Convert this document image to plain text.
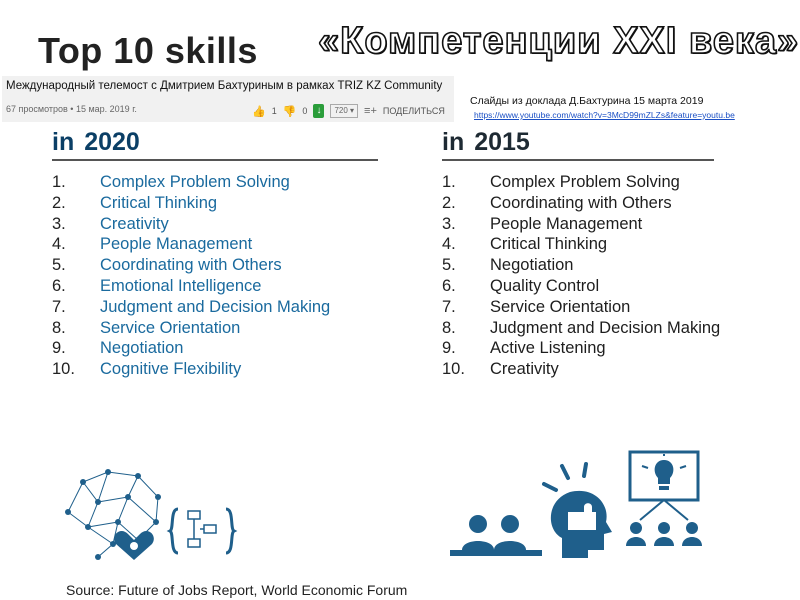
Top 10 skills «Компетенции XXI века»
Международный телемост с Дмитрием Бахтуриным в рамках TRIZ KZ Community
67 просмотров • 15 мар. 2019 г.	👍 1 👎 0 ↓	720 ▾ ≡+ ПОДЕЛИТЬСЯ
Слайды из доклада Д.Бахтурина 15 марта 2019
https://www.youtube.com/watch?v=3McD99mZLZs&feature=youtu.be
in 2020
1. Complex Problem Solving
2. Critical Thinking
3. Creativity
4. People Management
5. Coordinating with Others
6. Emotional Intelligence
7. Judgment and Decision Making
8. Service Orientation
9. Negotiation
10. Cognitive Flexibility
in 2015
1. Complex Problem Solving
2. Coordinating with Others
3. People Management
4. Critical Thinking
5. Negotiation
6. Quality Control
7. Service Orientation
8. Judgment and Decision Making
9. Active Listening
10. Creativity
Source: Future of Jobs Report, World Economic Forum
